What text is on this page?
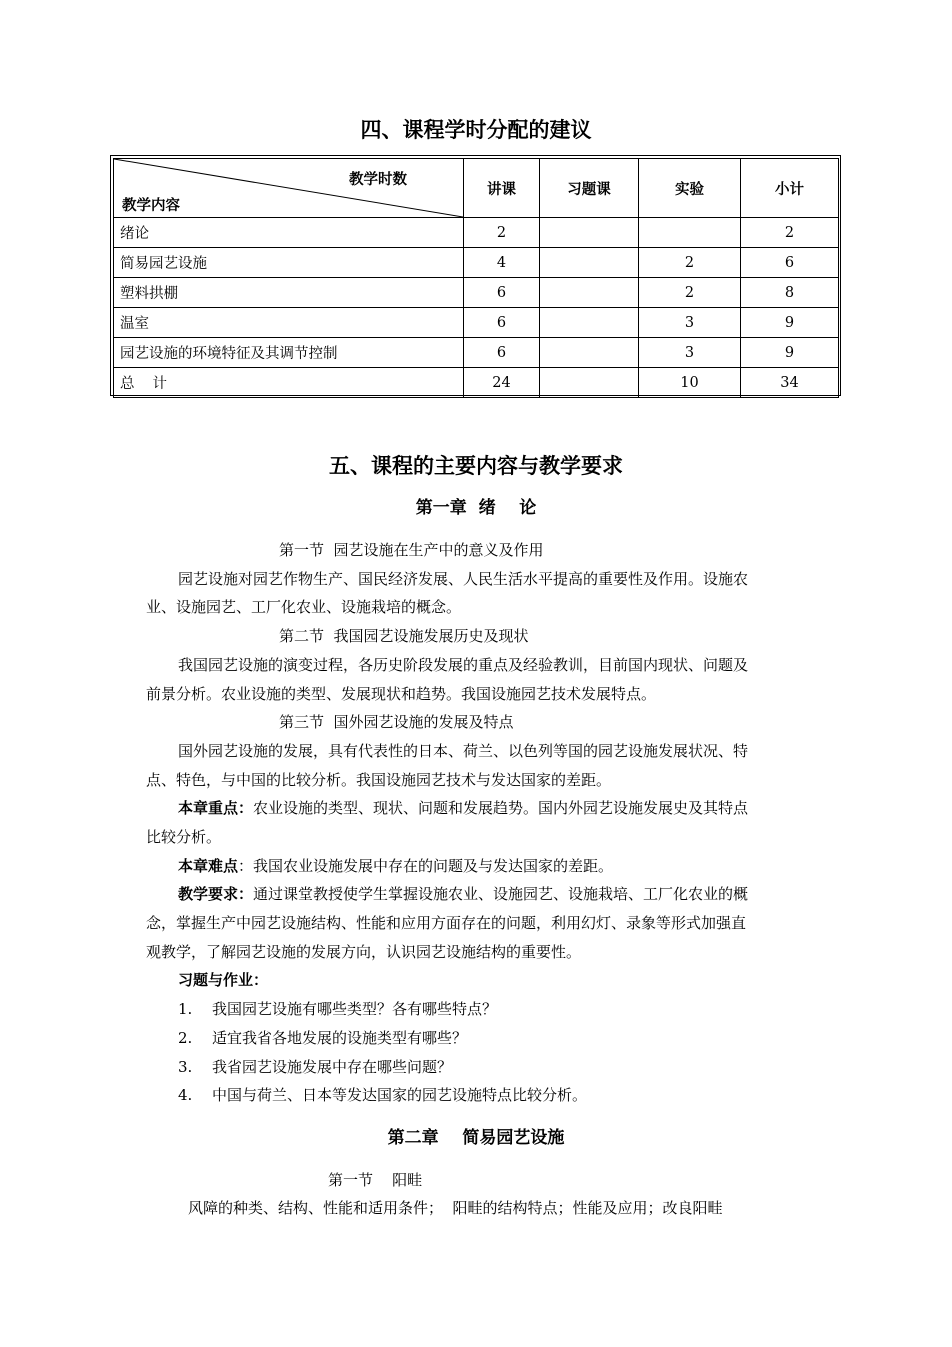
四、课程学时分配的建议
教学时数
教学内容	讲课	习题课	实验	小计
绪论	2			2
简易园艺设施	4		2	6
塑料拱棚	6		2	8
温室	6		3	9
园艺设施的环境特征及其调节控制	6		3	9
总 计	24		10	34
五、课程的主要内容与教学要求
第一章  绪    论
第一节  园艺设施在生产中的意义及作用
园艺设施对园艺作物生产、国民经济发展、人民生活水平提高的重要性及作用。设施农
业、设施园艺、工厂化农业、设施栽培的概念。
第二节  我国园艺设施发展历史及现状
我国园艺设施的演变过程，各历史阶段发展的重点及经验教训，目前国内现状、问题及
前景分析。农业设施的类型、发展现状和趋势。我国设施园艺技术发展特点。
第三节  国外园艺设施的发展及特点
国外园艺设施的发展，具有代表性的日本、荷兰、以色列等国的园艺设施发展状况、特
点、特色，与中国的比较分析。我国设施园艺技术与发达国家的差距。
本章重点：农业设施的类型、现状、问题和发展趋势。国内外园艺设施发展史及其特点
比较分析。
本章难点：我国农业设施发展中存在的问题及与发达国家的差距。
教学要求：通过课堂教授使学生掌握设施农业、设施园艺、设施栽培、工厂化农业的概
念，掌握生产中园艺设施结构、性能和应用方面存在的问题，利用幻灯、录象等形式加强直
观教学，了解园艺设施的发展方向，认识园艺设施结构的重要性。
习题与作业：
1. 我国园艺设施有哪些类型？各有哪些特点？
2. 适宜我省各地发展的设施类型有哪些？
3. 我省园艺设施发展中存在哪些问题？
4. 中国与荷兰、日本等发达国家的园艺设施特点比较分析。
第二章    简易园艺设施
第一节    阳畦
风障的种类、结构、性能和适用条件；  阳畦的结构特点；性能及应用；改良阳畦
